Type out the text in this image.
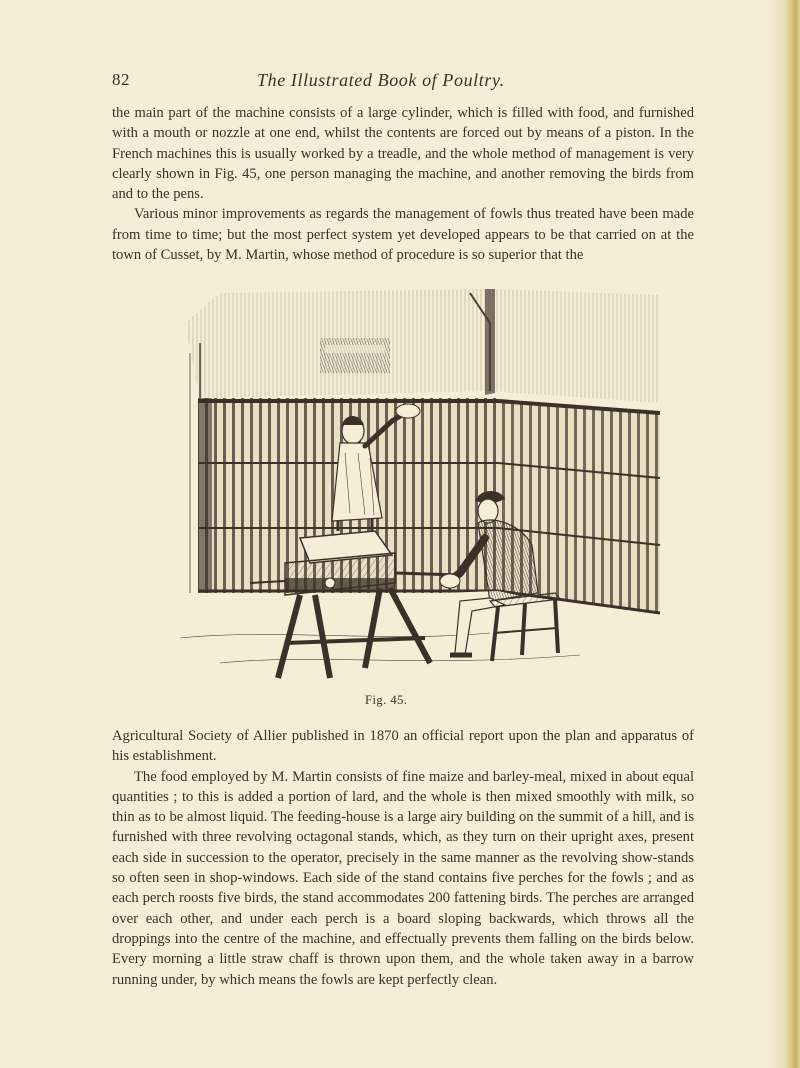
82	The Illustrated Book of Poultry.

the main part of the machine consists of a large cylinder, which is filled with food, and furnished with a mouth or nozzle at one end, whilst the contents are forced out by means of a piston. In the French machines this is usually worked by a treadle, and the whole method of management is very clearly shown in Fig. 45, one person managing the machine, and another removing the birds from and to the pens.

Various minor improvements as regards the management of fowls thus treated have been made from time to time; but the most perfect system yet developed appears to be that carried on at the town of Cusset, by M. Martin, whose method of procedure is so superior that the

Fig. 45.

Agricultural Society of Allier published in 1870 an official report upon the plan and apparatus of his establishment.

The food employed by M. Martin consists of fine maize and barley-meal, mixed in about equal quantities ; to this is added a portion of lard, and the whole is then mixed smoothly with milk, so thin as to be almost liquid. The feeding-house is a large airy building on the summit of a hill, and is furnished with three revolving octagonal stands, which, as they turn on their upright axes, present each side in succession to the operator, precisely in the same manner as the revolving show-stands so often seen in shop-windows. Each side of the stand contains five perches for the fowls ; and as each perch roosts five birds, the stand accommodates 200 fattening birds. The perches are arranged over each other, and under each perch is a board sloping backwards, which throws all the droppings into the centre of the machine, and effectually prevents them falling on the birds below. Every morning a little straw chaff is thrown upon them, and the whole taken away in a barrow running under, by which means the fowls are kept perfectly clean.
